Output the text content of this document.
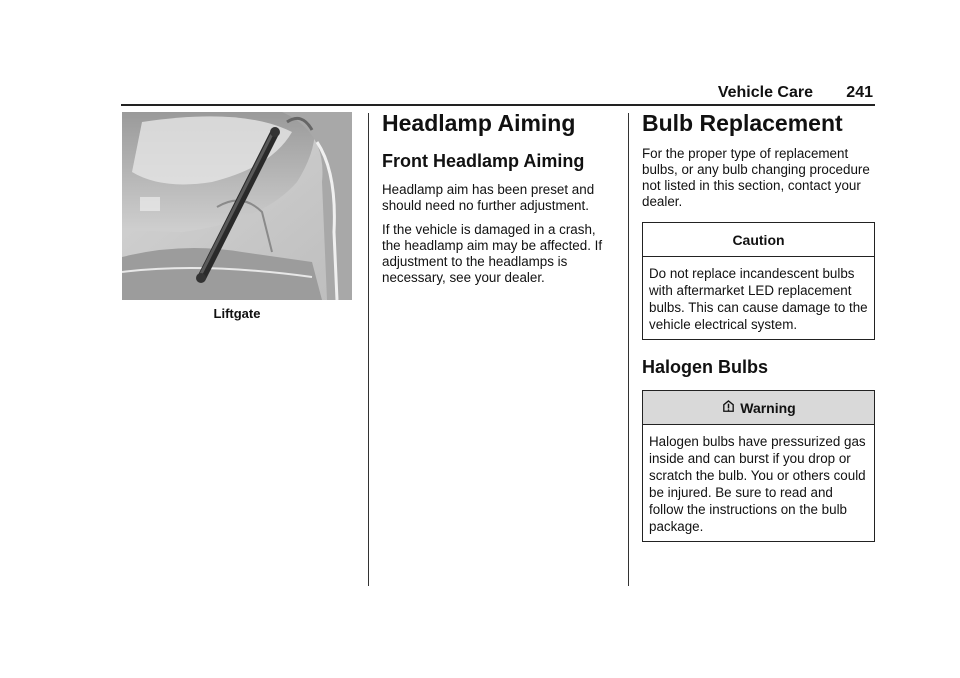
Vehicle Care 241
Liftgate
Headlamp Aiming
Front Headlamp Aiming

Headlamp aim has been preset and should need no further adjustment.

If the vehicle is damaged in a crash, the headlamp aim may be affected. If adjustment to the headlamps is necessary, see your dealer.

Bulb Replacement

For the proper type of replacement bulbs, or any bulb changing procedure not listed in this section, contact your dealer.

Caution
Do not replace incandescent bulbs with aftermarket LED replacement bulbs. This can cause damage to the vehicle electrical system.
Halogen Bulbs
Warning
Halogen bulbs have pressurized gas inside and can burst if you drop or scratch the bulb. You or others could be injured. Be sure to read and follow the instructions on the bulb package.
